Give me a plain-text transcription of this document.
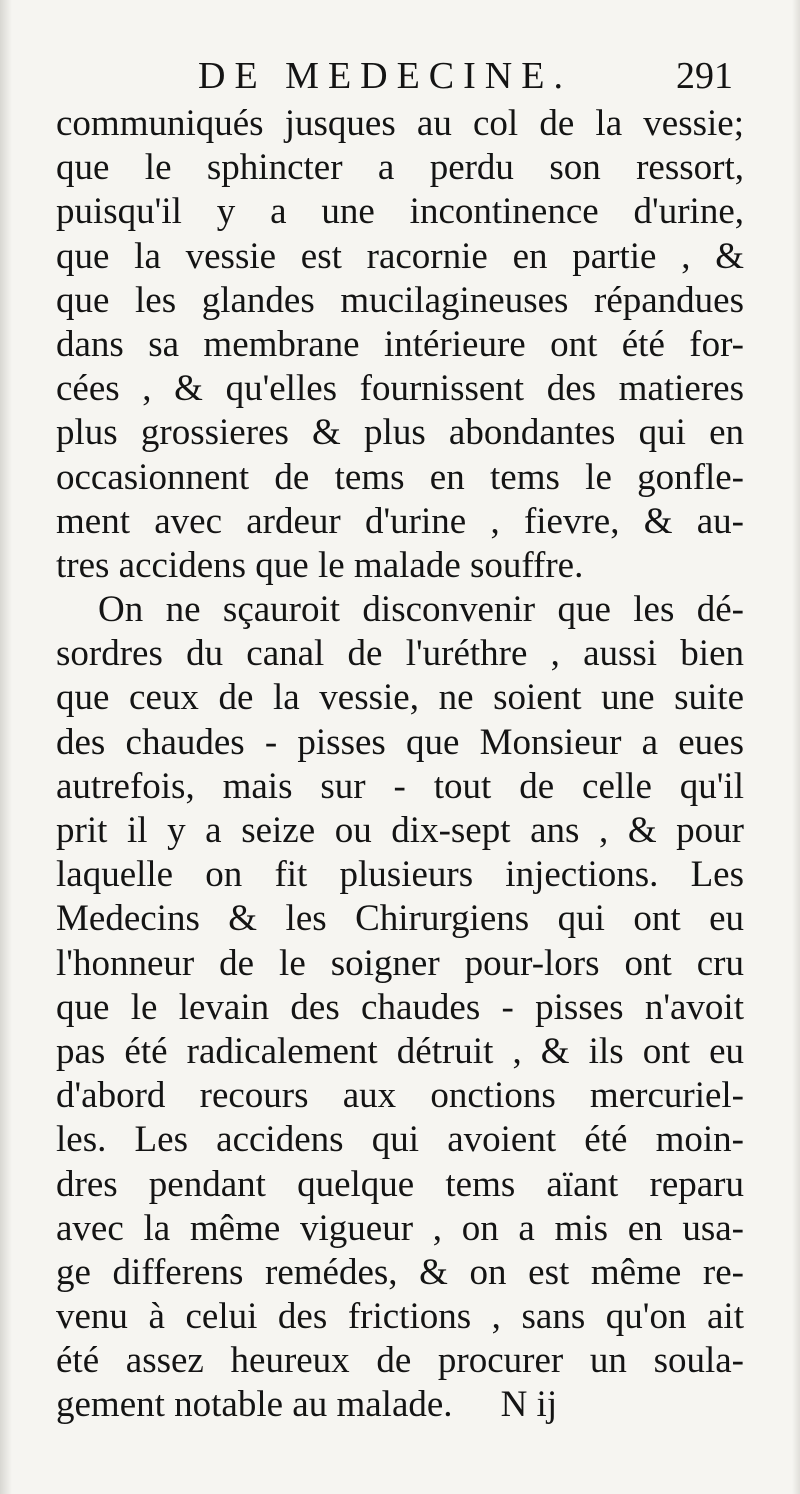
DE MEDECINE.	291
communiqués jusques au col de la vessie;
que le sphincter a perdu son ressort,
puisqu'il y a une incontinence d'urine,
que la vessie est racornie en partie , &
que les glandes mucilagineuses répandues
dans sa membrane intérieure ont été for-
cées , & qu'elles fournissent des matieres
plus grossieres & plus abondantes qui en
occasionnent de tems en tems le gonfle-
ment avec ardeur d'urine , fievre, & au-
tres accidens que le malade souffre.
On ne sçauroit disconvenir que les dé-
sordres du canal de l'uréthre , aussi bien
que ceux de la vessie, ne soient une suite
des chaudes - pisses que Monsieur a eues
autrefois, mais sur - tout de celle qu'il
prit il y a seize ou dix-sept ans , & pour
laquelle on fit plusieurs injections. Les
Medecins & les Chirurgiens qui ont eu
l'honneur de le soigner pour-lors ont cru
que le levain des chaudes - pisses n'avoit
pas été radicalement détruit , & ils ont eu
d'abord recours aux onctions mercuriel-
les. Les accidens qui avoient été moin-
dres pendant quelque tems aïant reparu
avec la même vigueur , on a mis en usa-
ge differens remédes, & on est même re-
venu à celui des frictions , sans qu'on ait
été assez heureux de procurer un soula-
gement notable au malade. N ij
